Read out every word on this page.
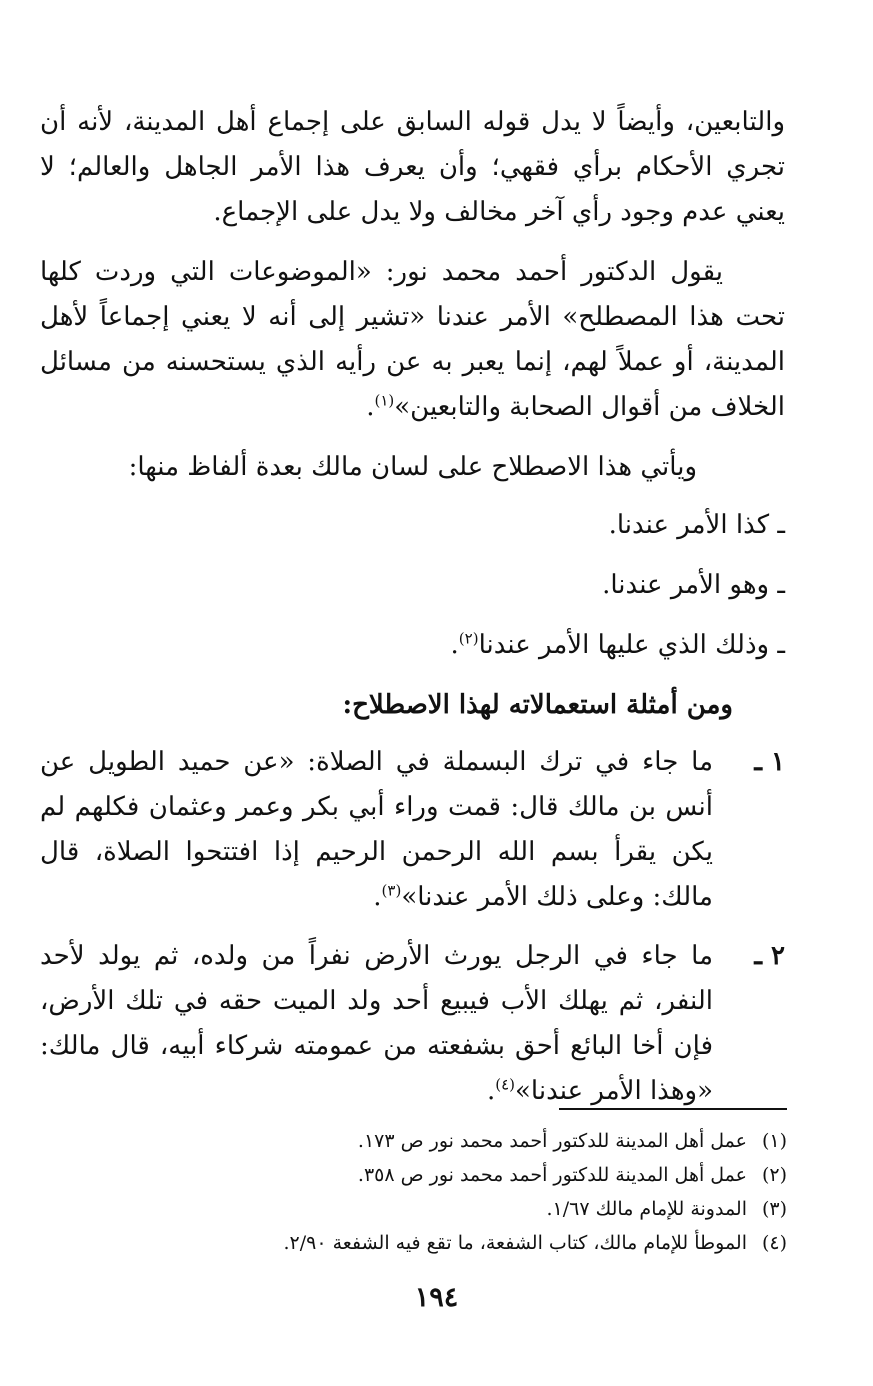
والتابعين، وأيضاً لا يدل قوله السابق على إجماع أهل المدينة، لأنه أن تجري الأحكام برأي فقهي؛ وأن يعرف هذا الأمر الجاهل والعالم؛ لا يعني عدم وجود رأي آخر مخالف ولا يدل على الإجماع.

يقول الدكتور أحمد محمد نور: «الموضوعات التي وردت كلها تحت هذا المصطلح» الأمر عندنا «تشير إلى أنه لا يعني إجماعاً لأهل المدينة، أو عملاً لهم، إنما يعبر به عن رأيه الذي يستحسنه من مسائل الخلاف من أقوال الصحابة والتابعين»$^{(١)}$.

ويأتي هذا الاصطلاح على لسان مالك بعدة ألفاظ منها:

ـ كذا الأمر عندنا.

ـ وهو الأمر عندنا.

ـ وذلك الذي عليها الأمر عندنا$^{(٢)}$.

ومن أمثلة استعمالاته لهذا الاصطلاح:

١ ـ
ما جاء في ترك البسملة في الصلاة: «عن حميد الطويل عن أنس بن مالك قال: قمت وراء أبي بكر وعمر وعثمان فكلهم لم يكن يقرأ بسم الله الرحمن الرحيم إذا افتتحوا الصلاة، قال مالك: وعلى ذلك الأمر عندنا»$^{(٣)}$.
٢ ـ
ما جاء في الرجل يورث الأرض نفراً من ولده، ثم يولد لأحد النفر، ثم يهلك الأب فيبيع أحد ولد الميت حقه في تلك الأرض، فإن أخا البائع أحق بشفعته من عمومته شركاء أبيه، قال مالك: «وهذا الأمر عندنا»$^{(٤)}$.

(١)عمل أهل المدينة للدكتور أحمد محمد نور ص ١٧٣.

(٢)عمل أهل المدينة للدكتور أحمد محمد نور ص ٣٥٨.

(٣)المدونة للإمام مالك ١/٦٧.

(٤)الموطأ للإمام مالك، كتاب الشفعة، ما تقع فيه الشفعة ٢/٩٠.

١٩٤
